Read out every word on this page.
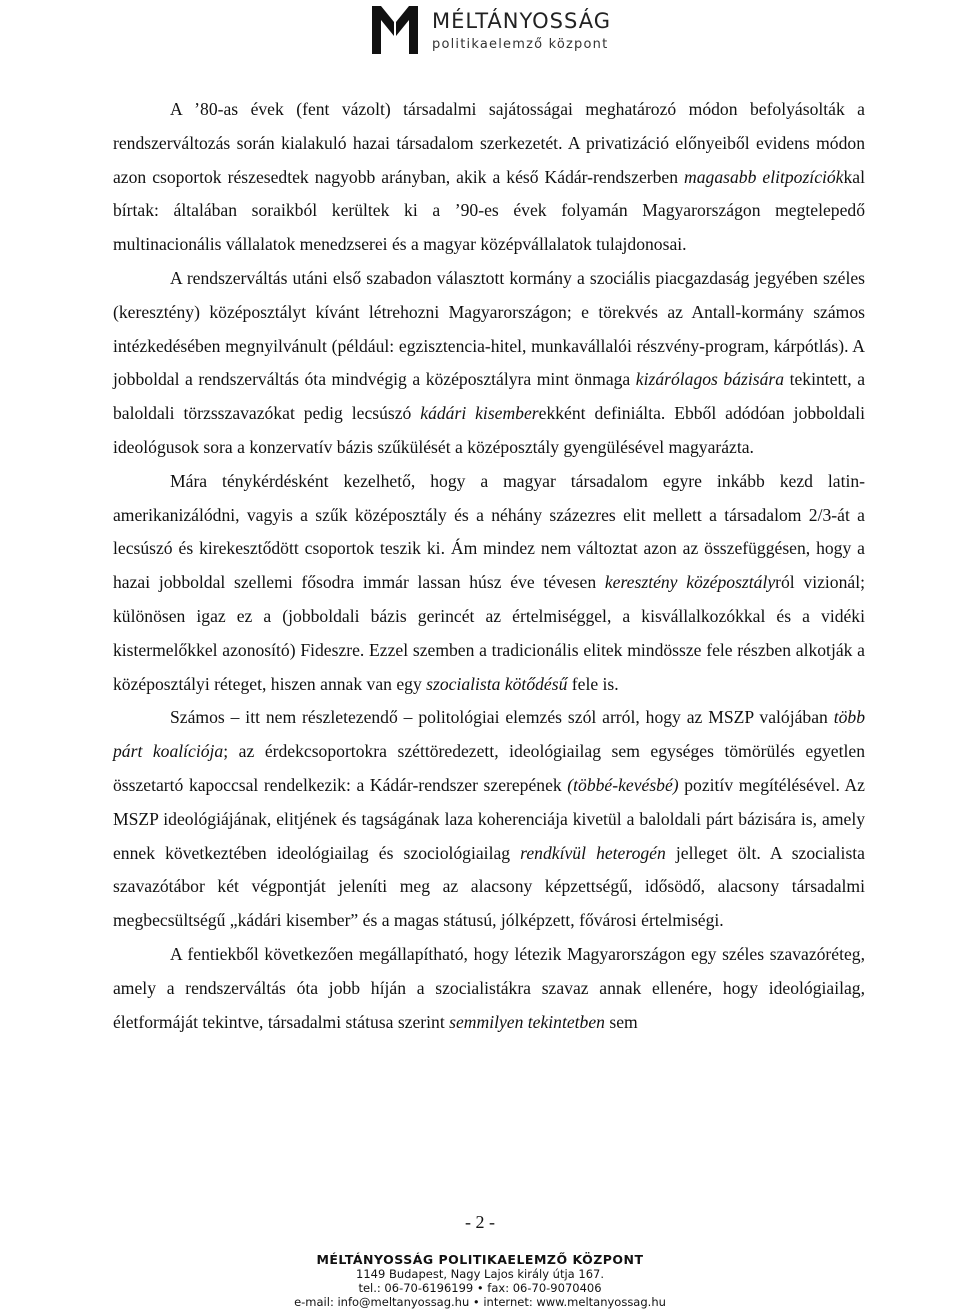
MÉLTÁNYOSSÁG
politikaelemző központ

A ’80-as évek (fent vázolt) társadalmi sajátosságai meghatározó módon befolyásolták a rendszerváltozás során kialakuló hazai társadalom szerkezetét. A privatizáció előnyeiből evidens módon azon csoportok részesedtek nagyobb arányban, akik a késő Kádár-rendszerben magasabb elitpozíciókkal bírtak: általában soraikból kerültek ki a ’90-es évek folyamán Magyarországon megtelepedő multinacionális vállalatok menedzserei és a magyar középvállalatok tulajdonosai.

A rendszerváltás utáni első szabadon választott kormány a szociális piacgazdaság jegyében széles (keresztény) középosztályt kívánt létrehozni Magyarországon; e törekvés az Antall-kormány számos intézkedésében megnyilvánult (például: egzisztencia-hitel, munkavállalói részvény-program, kárpótlás). A jobboldal a rendszerváltás óta mindvégig a középosztályra mint önmaga kizárólagos bázisára tekintett, a baloldali törzsszavazókat pedig lecsúszó kádári kisemberekként definiálta. Ebből adódóan jobboldali ideológusok sora a konzervatív bázis szűkülését a középosztály gyengülésével magyarázta.

Mára ténykérdésként kezelhető, hogy a magyar társadalom egyre inkább kezd latin-amerikanizálódni, vagyis a szűk középosztály és a néhány százezres elit mellett a társadalom 2/3-át a lecsúszó és kirekesztődött csoportok teszik ki. Ám mindez nem változtat azon az összefüggésen, hogy a hazai jobboldal szellemi fősodra immár lassan húsz éve tévesen keresztény középosztályról vizionál; különösen igaz ez a (jobboldali bázis gerincét az értelmiséggel, a kisvállalkozókkal és a vidéki kistermelőkkel azonosító) Fideszre. Ezzel szemben a tradicionális elitek mindössze fele részben alkotják a középosztályi réteget, hiszen annak van egy szocialista kötődésű fele is.

Számos – itt nem részletezendő – politológiai elemzés szól arról, hogy az MSZP valójában több párt koalíciója; az érdekcsoportokra széttöredezett, ideológiailag sem egységes tömörülés egyetlen összetartó kapoccsal rendelkezik: a Kádár-rendszer szerepének (többé-kevésbé) pozitív megítélésével. Az MSZP ideológiájának, elitjének és tagságának laza koherenciája kivetül a baloldali párt bázisára is, amely ennek következtében ideológiailag és szociológiailag rendkívül heterogén jelleget ölt. A szocialista szavazótábor két végpontját jeleníti meg az alacsony képzettségű, idősödő, alacsony társadalmi megbecsültségű „kádári kisember” és a magas státusú, jólképzett, fővárosi értelmiségi.

A fentiekből következően megállapítható, hogy létezik Magyarországon egy széles szavazóréteg, amely a rendszerváltás óta jobb híján a szocialistákra szavaz annak ellenére, hogy ideológiailag, életformáját tekintve, társadalmi státusa szerint semmilyen tekintetben sem

- 2 -
MÉLTÁNYOSSÁG POLITIKAELEMZŐ KÖZPONT
1149 Budapest, Nagy Lajos király útja 167.
tel.: 06-70-6196199 • fax: 06-70-9070406
e-mail: info@meltanyossag.hu • internet: www.meltanyossag.hu
